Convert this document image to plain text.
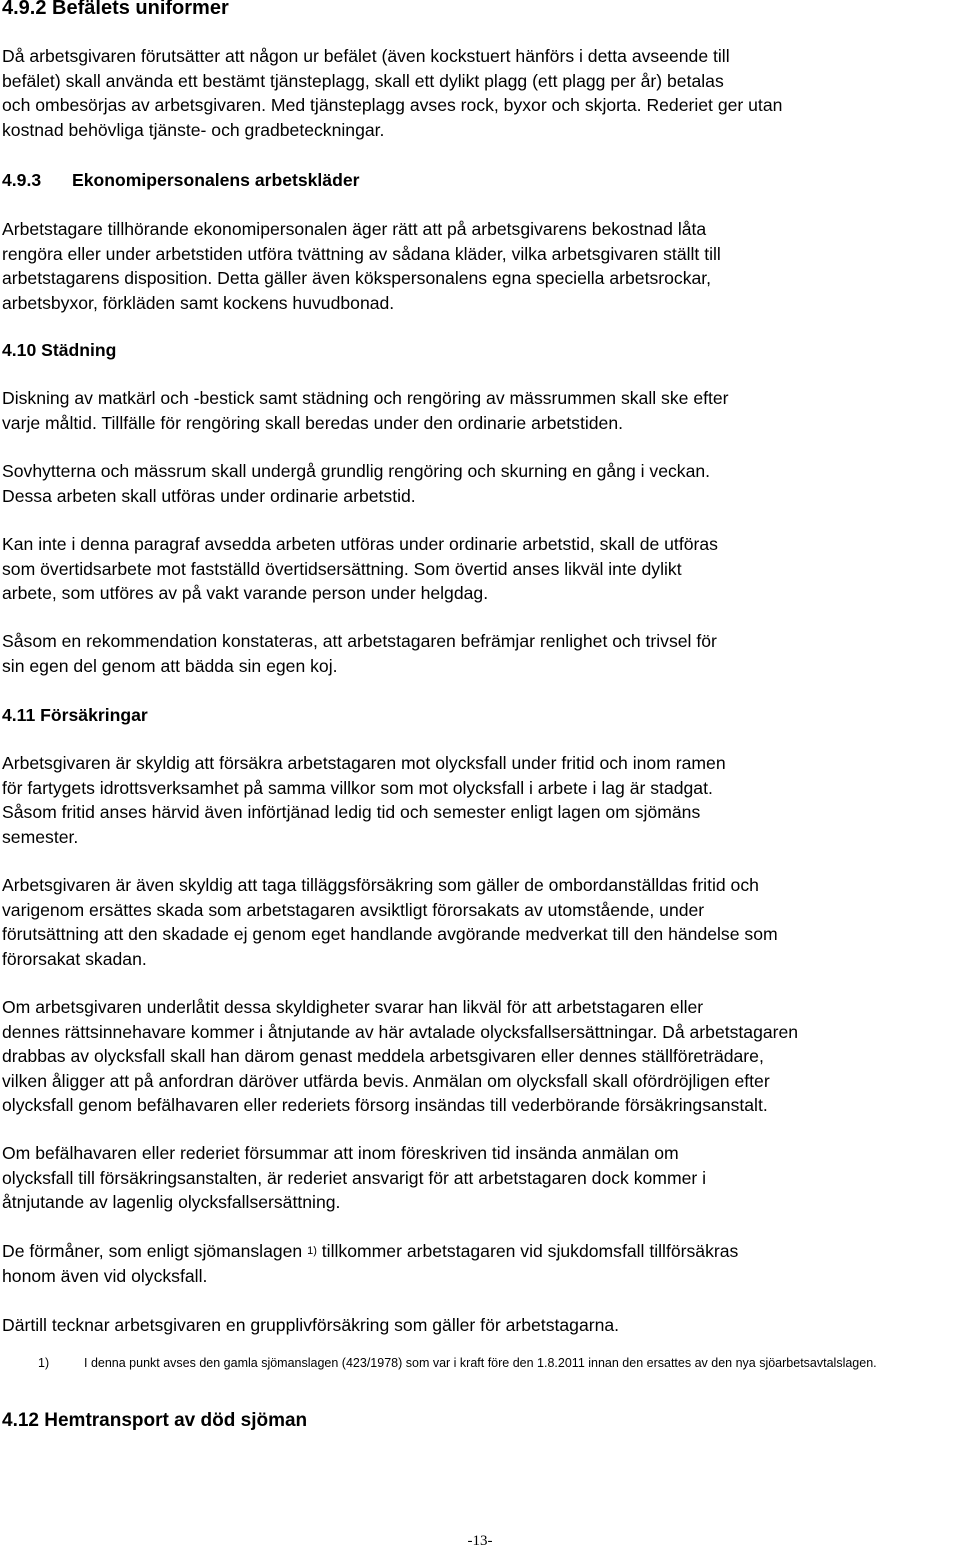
4.9.2 Befälets uniformer
Då arbetsgivaren förutsätter att någon ur befälet (även kockstuert hänförs i detta avseende till
befälet) skall använda ett bestämt tjänsteplagg, skall ett dylikt plagg (ett plagg per år) betalas
och ombesörjas av arbetsgivaren. Med tjänsteplagg avses rock, byxor och skjorta. Rederiet ger utan
kostnad behövliga tjänste- och gradbeteckningar.
4.9.3 Ekonomipersonalens arbetskläder
Arbetstagare tillhörande ekonomipersonalen äger rätt att på arbetsgivarens bekostnad låta
rengöra eller under arbetstiden utföra tvättning av sådana kläder, vilka arbetsgivaren ställt till
arbetstagarens disposition. Detta gäller även kökspersonalens egna speciella arbetsrockar,
arbetsbyxor, förkläden samt kockens huvudbonad.
4.10 Städning
Diskning av matkärl och -bestick samt städning och rengöring av mässrummen skall ske efter
varje måltid. Tillfälle för rengöring skall beredas under den ordinarie arbetstiden.
Sovhytterna och mässrum skall undergå grundlig rengöring och skurning en gång i veckan.
Dessa arbeten skall utföras under ordinarie arbetstid.
Kan inte i denna paragraf avsedda arbeten utföras under ordinarie arbetstid, skall de utföras
som övertidsarbete mot fastställd övertidsersättning. Som övertid anses likväl inte dylikt
arbete, som utföres av på vakt varande person under helgdag.
Såsom en rekommendation konstateras, att arbetstagaren befrämjar renlighet och trivsel för
sin egen del genom att bädda sin egen koj.
4.11 Försäkringar
Arbetsgivaren är skyldig att försäkra arbetstagaren mot olycksfall under fritid och inom ramen
för fartygets idrottsverksamhet på samma villkor som mot olycksfall i arbete i lag är stadgat.
Såsom fritid anses härvid även införtjänad ledig tid och semester enligt lagen om sjömäns
semester.
Arbetsgivaren är även skyldig att taga tilläggsförsäkring som gäller de ombordanställdas fritid och
varigenom ersättes skada som arbetstagaren avsiktligt förorsakats av utomstående, under
förutsättning att den skadade ej genom eget handlande avgörande medverkat till den händelse som
förorsakat skadan.
Om arbetsgivaren underlåtit dessa skyldigheter svarar han likväl för att arbetstagaren eller
dennes rättsinnehavare kommer i åtnjutande av här avtalade olycksfallsersättningar. Då arbetstagaren
drabbas av olycksfall skall han därom genast meddela arbetsgivaren eller dennes ställföreträdare,
vilken åligger att på anfordran däröver utfärda bevis. Anmälan om olycksfall skall ofördröjligen efter
olycksfall genom befälhavaren eller rederiets försorg insändas till vederbörande försäkringsanstalt.
Om befälhavaren eller rederiet försummar att inom föreskriven tid insända anmälan om
olycksfall till försäkringsanstalten, är rederiet ansvarigt för att arbetstagaren dock kommer i
åtnjutande av lagenlig olycksfallsersättning.
De förmåner, som enligt sjömanslagen $^{1)}$ tillkommer arbetstagaren vid sjukdomsfall tillförsäkras
honom även vid olycksfall.
Därtill tecknar arbetsgivaren en grupplivförsäkring som gäller för arbetstagarna.
1)	I denna punkt avses den gamla sjömanslagen (423/1978) som var i kraft före den 1.8.2011 innan den ersattes av den nya sjöarbetsavtalslagen.
4.12 Hemtransport av död sjöman
-13-
